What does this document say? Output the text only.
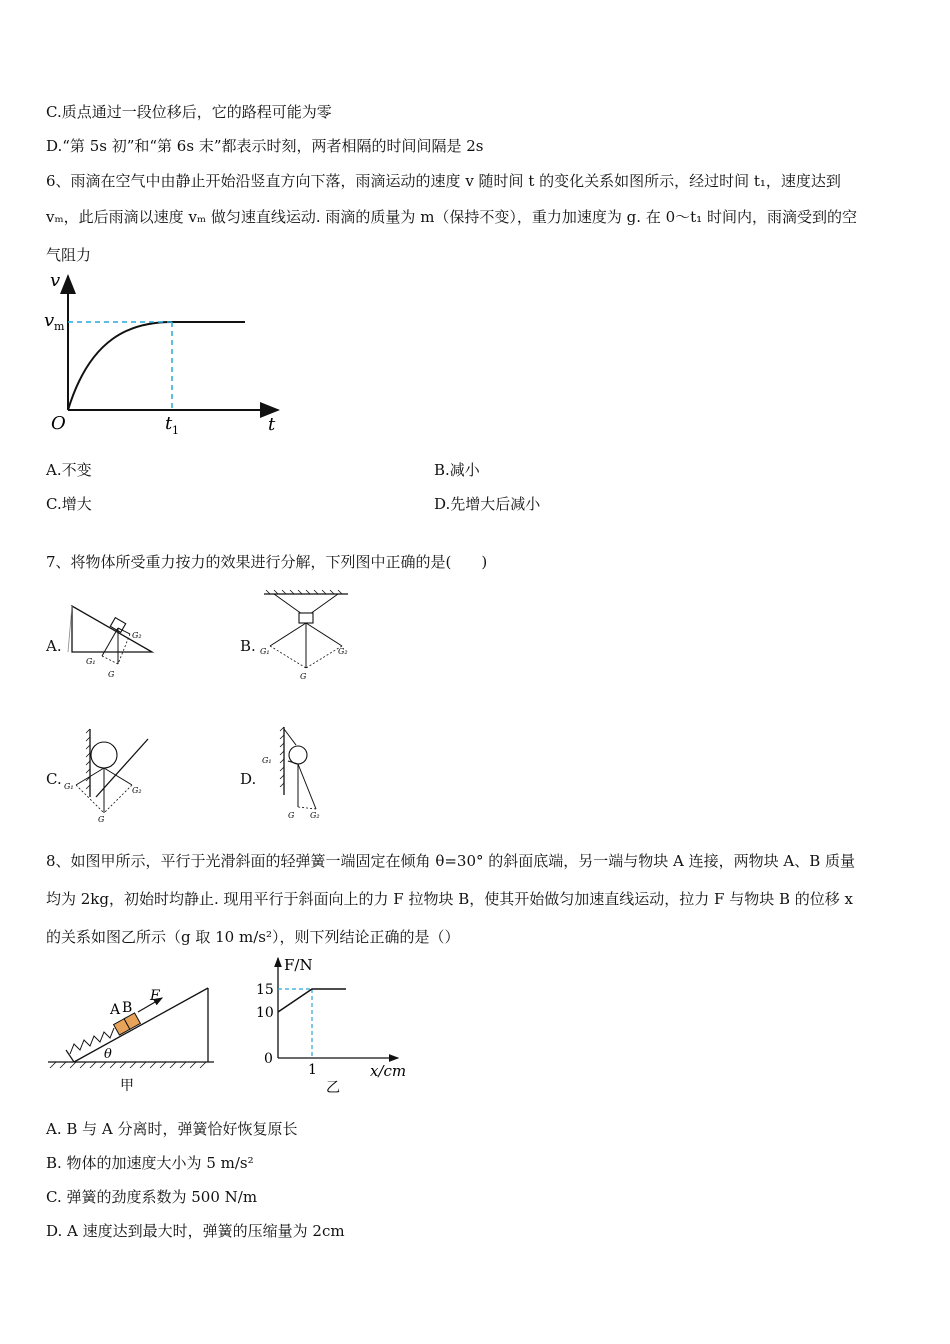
C.质点通过一段位移后，它的路程可能为零
D.“第 5s 初”和“第 6s 末”都表示时刻，两者相隔的时间间隔是 2s
6、雨滴在空气中由静止开始沿竖直方向下落，雨滴运动的速度 v 随时间 t 的变化关系如图所示，经过时间 t₁，速度达到
vₘ，此后雨滴以速度 vₘ 做匀速直线运动. 雨滴的质量为 m（保持不变），重力加速度为 g. 在 0～t₁ 时间内，雨滴受到的空
气阻力
v
v m
O	t 1	t
A.不变	B.减小
C.增大	D.先增大后减小
7、将物体所受重力按力的效果进行分解，下列图中正确的是(　　)
A.	B.
C.	D.
G₂
G₁
G
G₁	G₂
G
G₁	G₂
G
G₁
G G₂
8、如图甲所示，平行于光滑斜面的轻弹簧一端固定在倾角 θ=30° 的斜面底端，另一端与物块 A 连接，两物块 A、B 质量
均为 2kg，初始时均静止. 现用平行于斜面向上的力 F 拉物块 B，使其开始做匀加速直线运动，拉力 F 与物块 B 的位移 x
的关系如图乙所示（g 取 10 m/s²），则下列结论正确的是（）
A B
F
θ
甲
F/N
15
10
0
1	x/cm
乙
A. B 与 A 分离时，弹簧恰好恢复原长
B. 物体的加速度大小为 5 m/s²
C. 弹簧的劲度系数为 500 N/m
D. A 速度达到最大时，弹簧的压缩量为 2cm
